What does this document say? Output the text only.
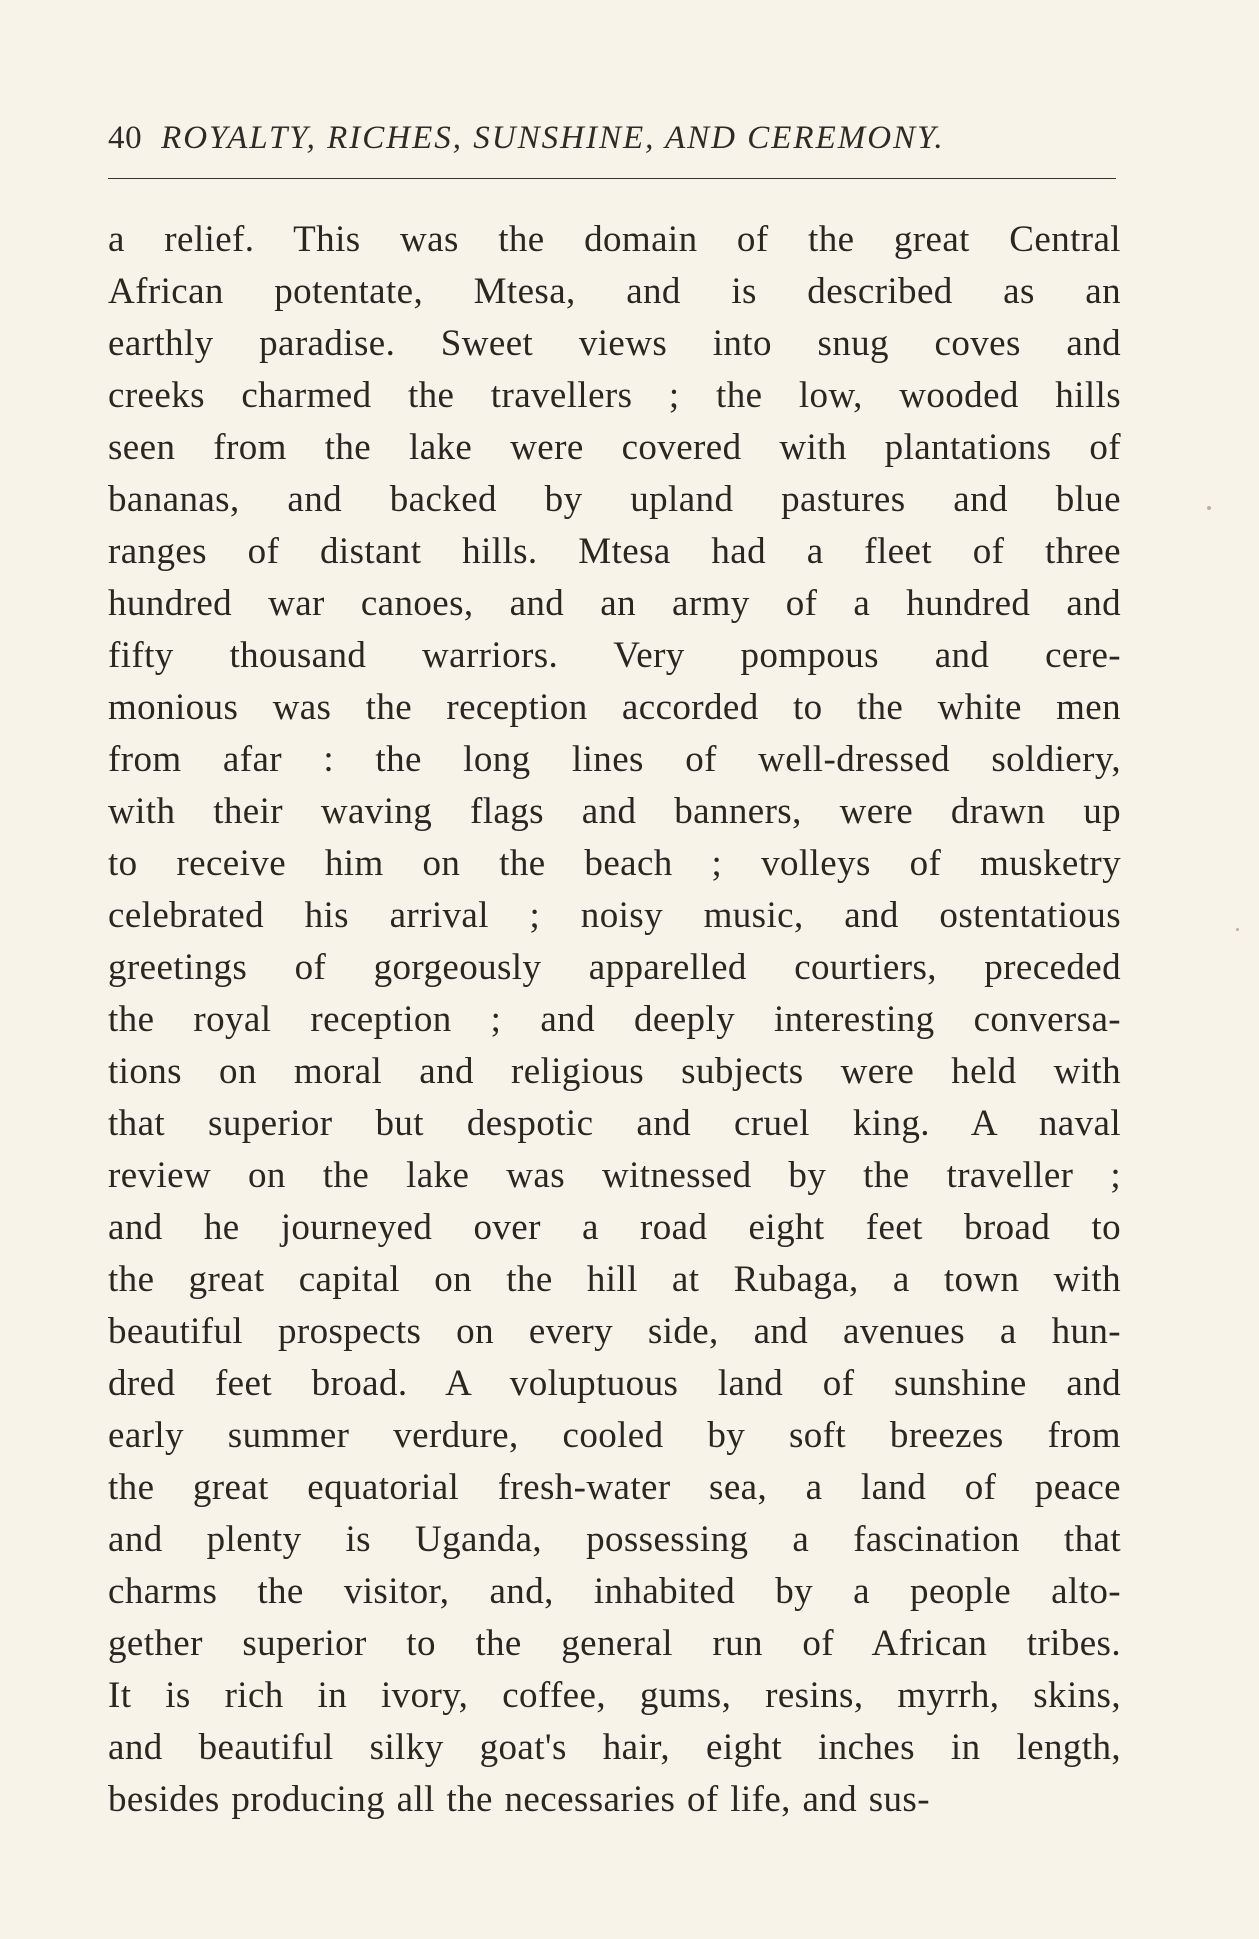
40 ROYALTY, RICHES, SUNSHINE, AND CEREMONY.
a relief. This was the domain of the great Central
African potentate, Mtesa, and is described as an
earthly paradise. Sweet views into snug coves and
creeks charmed the travellers ; the low, wooded hills
seen from the lake were covered with plantations of
bananas, and backed by upland pastures and blue
ranges of distant hills. Mtesa had a fleet of three
hundred war canoes, and an army of a hundred and
fifty thousand warriors. Very pompous and cere-
monious was the reception accorded to the white men
from afar : the long lines of well-dressed soldiery,
with their waving flags and banners, were drawn up
to receive him on the beach ; volleys of musketry
celebrated his arrival ; noisy music, and ostentatious
greetings of gorgeously apparelled courtiers, preceded
the royal reception ; and deeply interesting conversa-
tions on moral and religious subjects were held with
that superior but despotic and cruel king. A naval
review on the lake was witnessed by the traveller ;
and he journeyed over a road eight feet broad to
the great capital on the hill at Rubaga, a town with
beautiful prospects on every side, and avenues a hun-
dred feet broad. A voluptuous land of sunshine and
early summer verdure, cooled by soft breezes from
the great equatorial fresh-water sea, a land of peace
and plenty is Uganda, possessing a fascination that
charms the visitor, and, inhabited by a people alto-
gether superior to the general run of African tribes.
It is rich in ivory, coffee, gums, resins, myrrh, skins,
and beautiful silky goat's hair, eight inches in length,
besides producing all the necessaries of life, and sus-
